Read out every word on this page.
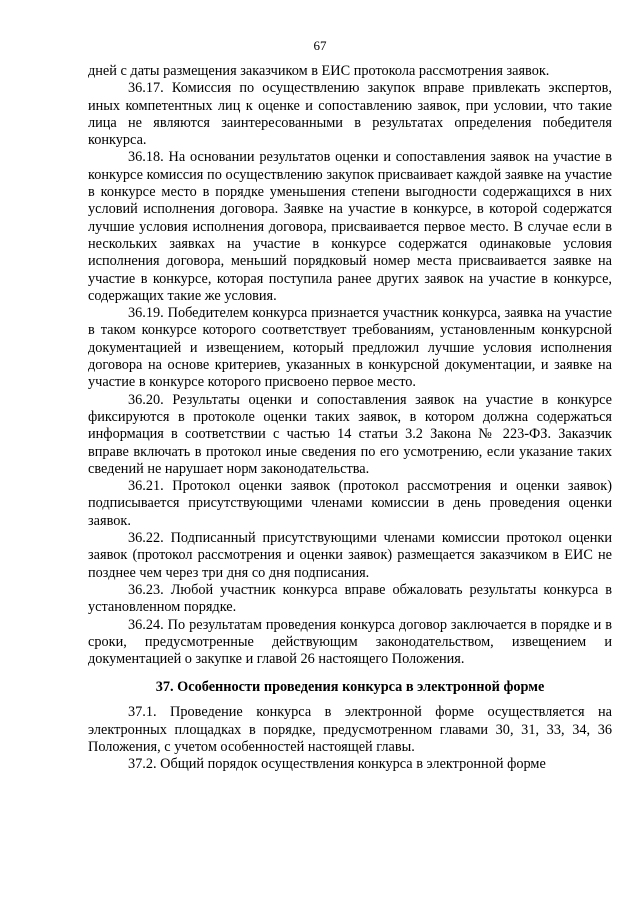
67

дней с даты размещения заказчиком в ЕИС протокола рассмотрения заявок.

36.17. Комиссия по осуществлению закупок вправе привлекать экспертов, иных компетентных лиц к оценке и сопоставлению заявок, при условии, что такие лица не являются заинтересованными в результатах определения победителя конкурса.

36.18. На основании результатов оценки и сопоставления заявок на участие в конкурсе комиссия по осуществлению закупок присваивает каждой заявке на участие в конкурсе место в порядке уменьшения степени выгодности содержащихся в них условий исполнения договора. Заявке на участие в конкурсе, в которой содержатся лучшие условия исполнения договора, присваивается первое место. В случае если в нескольких заявках на участие в конкурсе содержатся одинаковые условия исполнения договора, меньший порядковый номер места присваивается заявке на участие в конкурсе, которая поступила ранее других заявок на участие в конкурсе, содержащих такие же условия.

36.19. Победителем конкурса признается участник конкурса, заявка на участие в таком конкурсе которого соответствует требованиям, установленным конкурсной документацией и извещением, который предложил лучшие условия исполнения договора на основе критериев, указанных в конкурсной документации, и заявке на участие в конкурсе которого присвоено первое место.

36.20. Результаты оценки и сопоставления заявок на участие в конкурсе фиксируются в протоколе оценки таких заявок, в котором должна содержаться информация в соответствии с частью 14 статьи 3.2 Закона № 223-ФЗ. Заказчик вправе включать в протокол иные сведения по его усмотрению, если указание таких сведений не нарушает норм законодательства.

36.21. Протокол оценки заявок (протокол рассмотрения и оценки заявок) подписывается присутствующими членами комиссии в день проведения оценки заявок.

36.22. Подписанный присутствующими членами комиссии протокол оценки заявок (протокол рассмотрения и оценки заявок) размещается заказчиком в ЕИС не позднее чем через три дня со дня подписания.

36.23. Любой участник конкурса вправе обжаловать результаты конкурса в установленном порядке.

36.24. По результатам проведения конкурса договор заключается в порядке и в сроки, предусмотренные действующим законодательством, извещением и документацией о закупке и главой 26 настоящего Положения.

37. Особенности проведения конкурса в электронной форме

37.1. Проведение конкурса в электронной форме осуществляется на электронных площадках в порядке, предусмотренном главами 30, 31, 33, 34, 36 Положения, с учетом особенностей настоящей главы.

37.2. Общий порядок осуществления конкурса в электронной форме
